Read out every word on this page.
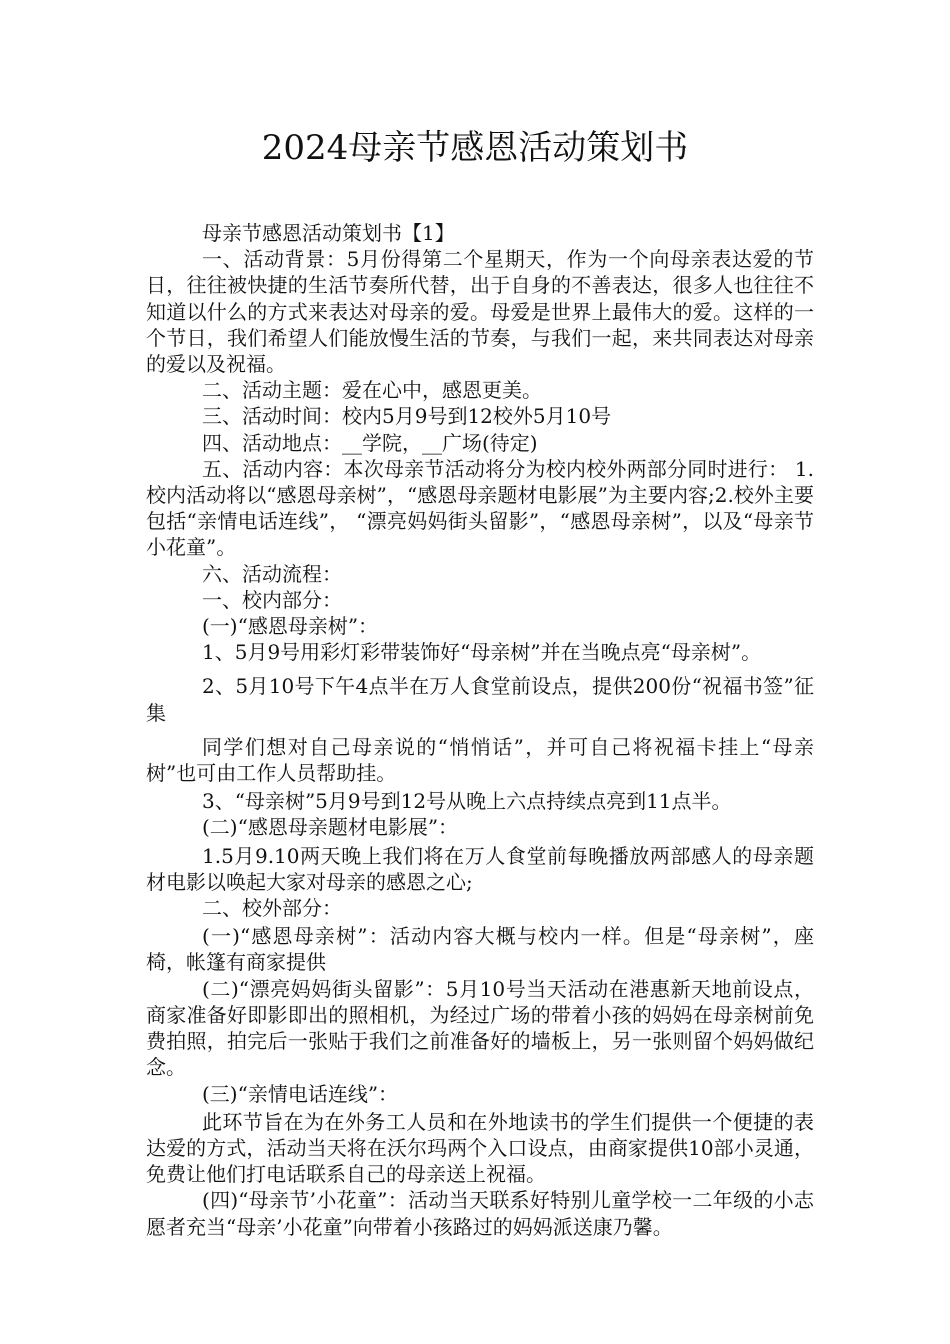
2024母亲节感恩活动策划书

母亲节感恩活动策划书【1】

一、活动背景：5月份得第二个星期天，作为一个向母亲表达爱的节日，往往被快捷的生活节奏所代替，出于自身的不善表达，很多人也往往不知道以什么的方式来表达对母亲的爱。母爱是世界上最伟大的爱。这样的一个节日，我们希望人们能放慢生活的节奏，与我们一起，来共同表达对母亲的爱以及祝福。

二、活动主题：爱在心中，感恩更美。

三、活动时间：校内5月9号到12校外5月10号

四、活动地点：__学院，__广场(待定)

五、活动内容：本次母亲节活动将分为校内校外两部分同时进行： 1.校内活动将以“感恩母亲树”，“感恩母亲题材电影展”为主要内容;2.校外主要包括“亲情电话连线”， “漂亮妈妈街头留影”，“感恩母亲树”，以及“母亲节小花童”。

六、活动流程：

一、校内部分：

(一)“感恩母亲树”：

1、5月9号用彩灯彩带装饰好“母亲树”并在当晚点亮“母亲树”。

2、5月10号下午4点半在万人食堂前设点，提供200份“祝福书签”征集

同学们想对自己母亲说的“悄悄话”，并可自己将祝福卡挂上“母亲树”也可由工作人员帮助挂。

3、“母亲树”5月9号到12号从晚上六点持续点亮到11点半。

(二)“感恩母亲题材电影展”：

1.5月9.10两天晚上我们将在万人食堂前每晚播放两部感人的母亲题材电影以唤起大家对母亲的感恩之心;

二、校外部分：

(一)“感恩母亲树”：活动内容大概与校内一样。但是“母亲树”，座椅，帐篷有商家提供

(二)“漂亮妈妈街头留影”：5月10号当天活动在港惠新天地前设点，商家准备好即影即出的照相机，为经过广场的带着小孩的妈妈在母亲树前免费拍照，拍完后一张贴于我们之前准备好的墙板上，另一张则留个妈妈做纪念。

(三)“亲情电话连线”：

此环节旨在为在外务工人员和在外地读书的学生们提供一个便捷的表达爱的方式，活动当天将在沃尔玛两个入口设点，由商家提供10部小灵通，免费让他们打电话联系自己的母亲送上祝福。

(四)“母亲节’小花童”：活动当天联系好特别儿童学校一二年级的小志愿者充当“母亲’小花童”向带着小孩路过的妈妈派送康乃馨。
